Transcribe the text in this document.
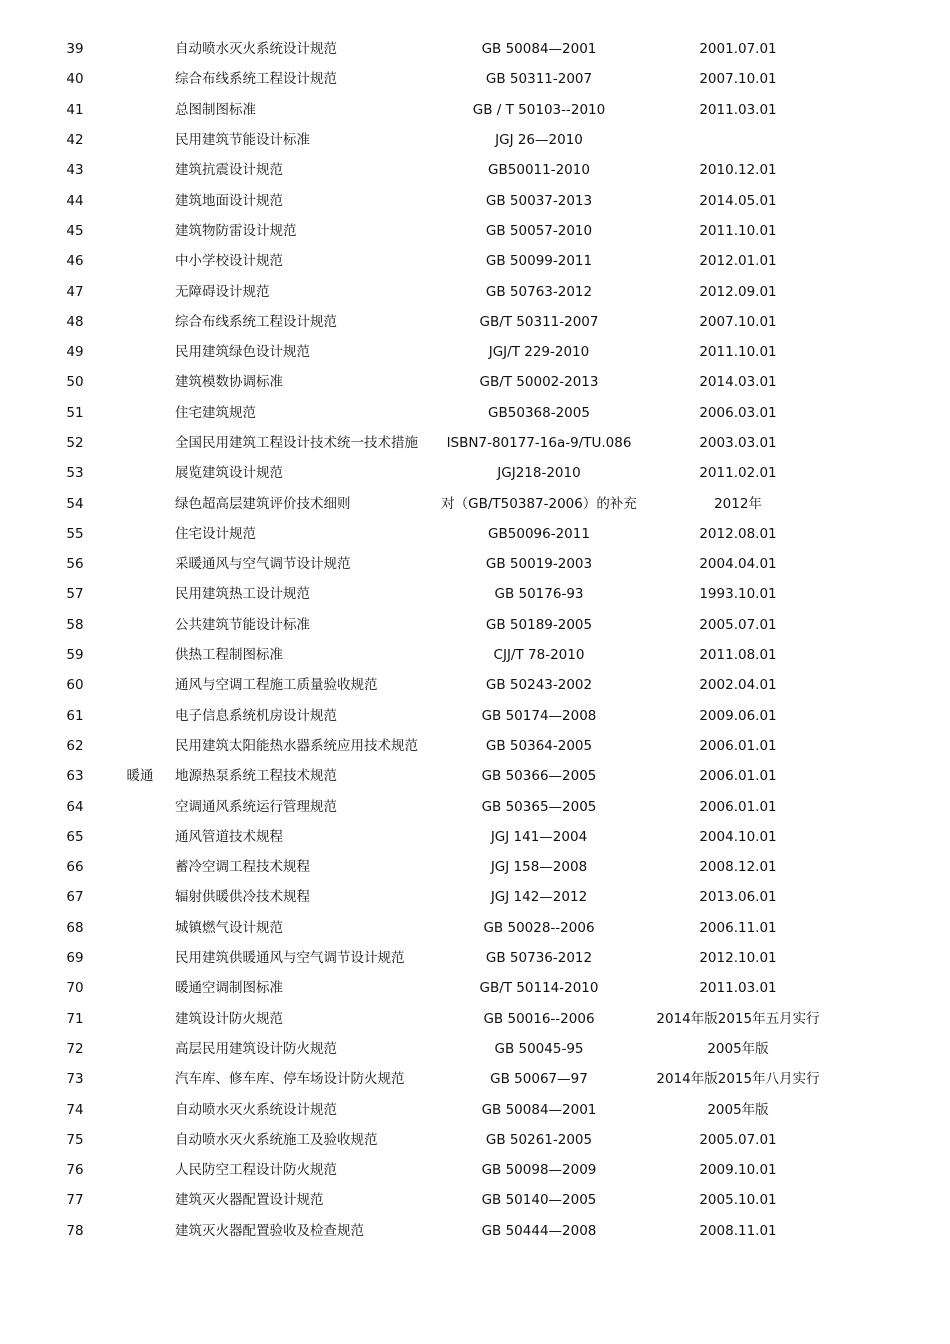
39	自动喷水灭火系统设计规范	GB 50084—2001	2001.07.01
40	综合布线系统工程设计规范	GB 50311-2007	2007.10.01
41	总图制图标准	GB / T 50103--2010	2011.03.01
42	民用建筑节能设计标准	JGJ 26—2010
43	建筑抗震设计规范	GB50011-2010	2010.12.01
44	建筑地面设计规范	GB 50037-2013	2014.05.01
45	建筑物防雷设计规范	GB 50057-2010	2011.10.01
46	中小学校设计规范	GB 50099-2011	2012.01.01
47	无障碍设计规范	GB 50763-2012	2012.09.01
48	综合布线系统工程设计规范	GB/T 50311-2007	2007.10.01
49	民用建筑绿色设计规范	JGJ/T 229-2010	2011.10.01
50	建筑模数协调标准	GB/T 50002-2013	2014.03.01
51	住宅建筑规范	GB50368-2005	2006.03.01
52	全国民用建筑工程设计技术统一技术措施	ISBN7-80177-16a-9/TU.086	2003.03.01
53	展览建筑设计规范	JGJ218-2010	2011.02.01
54	绿色超高层建筑评价技术细则	对（GB/T50387-2006）的补充	2012年
55	住宅设计规范	GB50096-2011	2012.08.01
56	采暖通风与空气调节设计规范	GB 50019-2003	2004.04.01
57	民用建筑热工设计规范	GB 50176-93	1993.10.01
58	公共建筑节能设计标准	GB 50189-2005	2005.07.01
59	供热工程制图标准	CJJ/T 78-2010	2011.08.01
60	通风与空调工程施工质量验收规范	GB 50243-2002	2002.04.01
61	电子信息系统机房设计规范	GB 50174—2008	2009.06.01
62	民用建筑太阳能热水器系统应用技术规范	GB 50364-2005	2006.01.01
63	暖通	地源热泵系统工程技术规范	GB 50366—2005	2006.01.01
64	空调通风系统运行管理规范	GB 50365—2005	2006.01.01
65	通风管道技术规程	JGJ 141—2004	2004.10.01
66	蓄冷空调工程技术规程	JGJ 158—2008	2008.12.01
67	辐射供暖供冷技术规程	JGJ 142—2012	2013.06.01
68	城镇燃气设计规范	GB 50028--2006	2006.11.01
69	民用建筑供暖通风与空气调节设计规范	GB 50736-2012	2012.10.01
70	暖通空调制图标准	GB/T 50114-2010	2011.03.01
71	建筑设计防火规范	GB 50016--2006	2014年版2015年五月实行
72	高层民用建筑设计防火规范	GB 50045-95	2005年版
73	汽车库、修车库、停车场设计防火规范	GB 50067—97	2014年版2015年八月实行
74	自动喷水灭火系统设计规范	GB 50084—2001	2005年版
75	自动喷水灭火系统施工及验收规范	GB 50261-2005	2005.07.01
76	人民防空工程设计防火规范	GB 50098—2009	2009.10.01
77	建筑灭火器配置设计规范	GB 50140—2005	2005.10.01
78	建筑灭火器配置验收及检查规范	GB 50444—2008	2008.11.01
